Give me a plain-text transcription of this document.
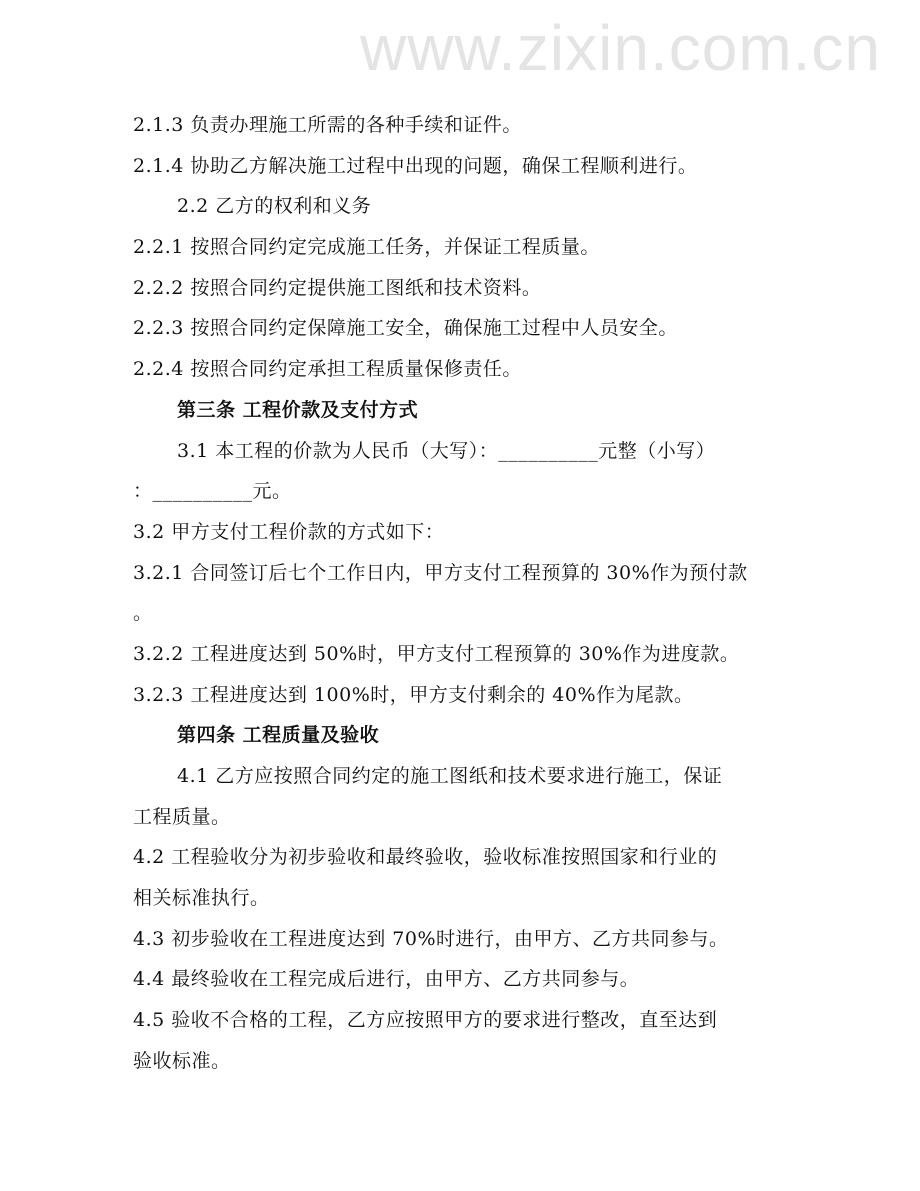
www.zixin.com.cn
2.1.3 负责办理施工所需的各种手续和证件。
2.1.4 协助乙方解决施工过程中出现的问题，确保工程顺利进行。
2.2 乙方的权利和义务
2.2.1 按照合同约定完成施工任务，并保证工程质量。
2.2.2 按照合同约定提供施工图纸和技术资料。
2.2.3 按照合同约定保障施工安全，确保施工过程中人员安全。
2.2.4 按照合同约定承担工程质量保修责任。
第三条 工程价款及支付方式
3.1 本工程的价款为人民币（大写）：__________元整（小写）
：__________元。
3.2 甲方支付工程价款的方式如下：
3.2.1 合同签订后七个工作日内，甲方支付工程预算的 30%作为预付款
。
3.2.2 工程进度达到 50%时，甲方支付工程预算的 30%作为进度款。
3.2.3 工程进度达到 100%时，甲方支付剩余的 40%作为尾款。
第四条 工程质量及验收
4.1 乙方应按照合同约定的施工图纸和技术要求进行施工，保证
工程质量。
4.2 工程验收分为初步验收和最终验收，验收标准按照国家和行业的
相关标准执行。
4.3 初步验收在工程进度达到 70%时进行，由甲方、乙方共同参与。
4.4 最终验收在工程完成后进行，由甲方、乙方共同参与。
4.5 验收不合格的工程，乙方应按照甲方的要求进行整改，直至达到
验收标准。
